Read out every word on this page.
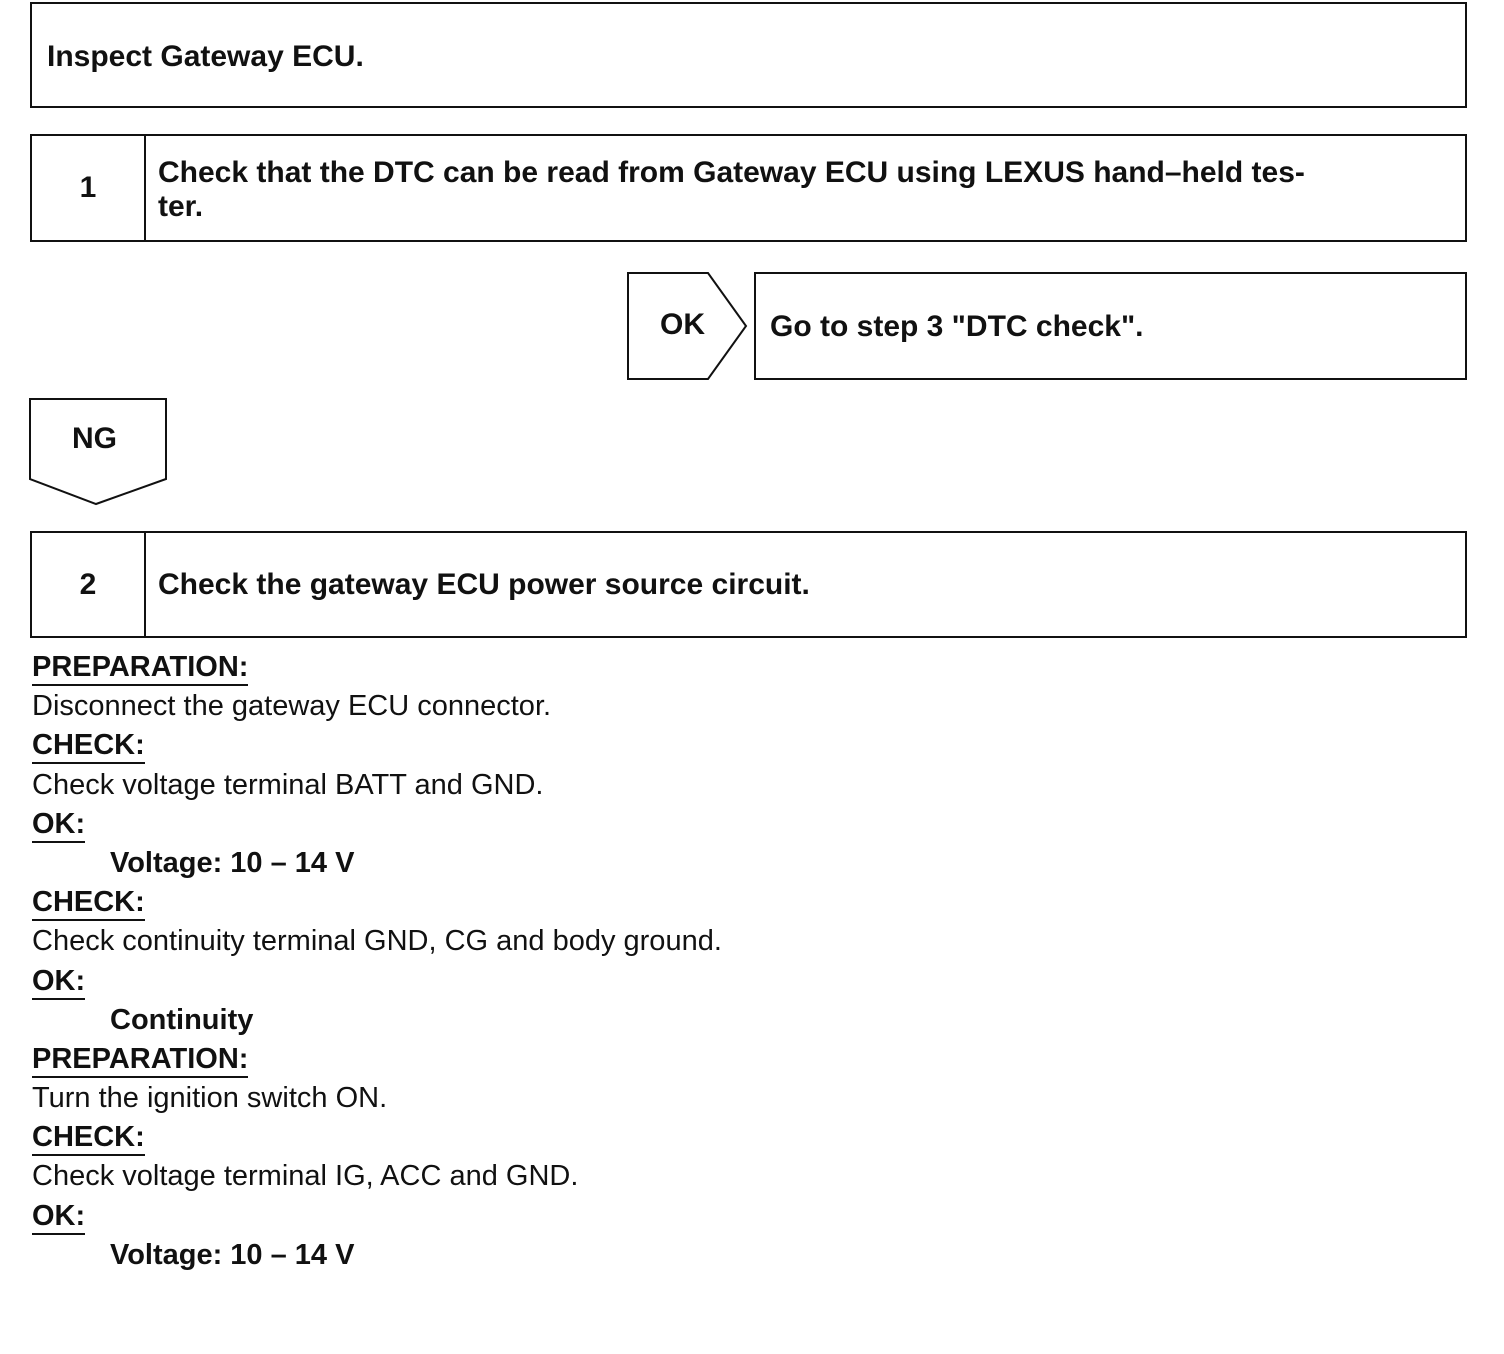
Inspect Gateway ECU.
1	Check that the DTC can be read from Gateway ECU using LEXUS hand–held tes-
ter.
OK Go to step 3 "DTC check".
NG
2	Check the gateway ECU power source circuit.
PREPARATION:
Disconnect the gateway ECU connector.
CHECK:
Check voltage terminal BATT and GND.
OK:
Voltage: 10 – 14 V
CHECK:
Check continuity terminal GND, CG and body ground.
OK:
Continuity
PREPARATION:
Turn the ignition switch ON.
CHECK:
Check voltage terminal IG, ACC and GND.
OK:
Voltage: 10 – 14 V
